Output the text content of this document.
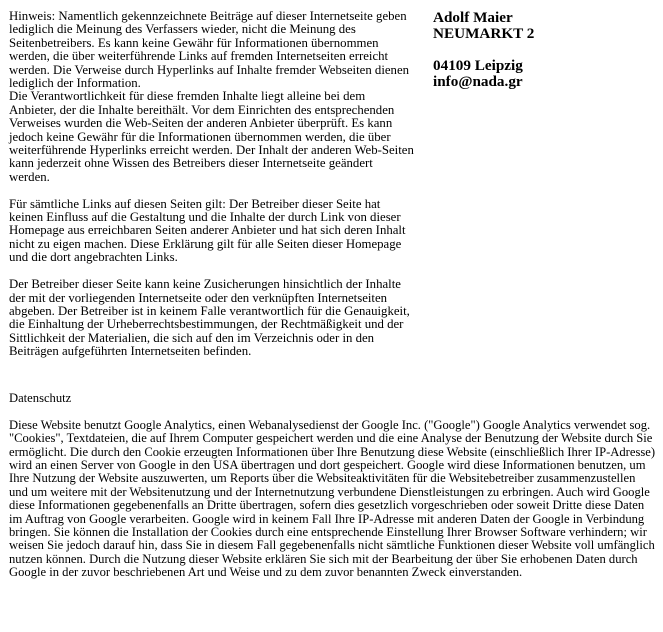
Hinweis: Namentlich gekennzeichnete Beiträge auf dieser Internetseite geben lediglich die Meinung des Verfassers wieder, nicht die Meinung des Seitenbetreibers. Es kann keine Gewähr für Informationen übernommen werden, die über weiterführende Links auf fremden Internetseiten erreicht werden. Die Verweise durch Hyperlinks auf Inhalte fremder Webseiten dienen lediglich der Information.

Die Verantwortlichkeit für diese fremden Inhalte liegt alleine bei dem Anbieter, der die Inhalte bereithält. Vor dem Einrichten des entsprechenden Verweises wurden die Web-Seiten der anderen Anbieter überprüft. Es kann jedoch keine Gewähr für die Informationen übernommen werden, die über weiterführende Hyperlinks erreicht werden. Der Inhalt der anderen Web-Seiten kann jederzeit ohne Wissen des Betreibers dieser Internetseite geändert werden.

Für sämtliche Links auf diesen Seiten gilt: Der Betreiber dieser Seite hat keinen Einfluss auf die Gestaltung und die Inhalte der durch Link von dieser Homepage aus erreichbaren Seiten anderer Anbieter und hat sich deren Inhalt nicht zu eigen machen. Diese Erklärung gilt für alle Seiten dieser Homepage und die dort angebrachten Links.

Der Betreiber dieser Seite kann keine Zusicherungen hinsichtlich der Inhalte der mit der vorliegenden Internetseite oder den verknüpften Internetseiten abgeben. Der Betreiber ist in keinem Falle verantwortlich für die Genauigkeit, die Einhaltung der Urheberrechtsbestimmungen, der Rechtmäßigkeit und der Sittlichkeit der Materialien, die sich auf den im Verzeichnis oder in den Beiträgen aufgeführten Internetseiten befinden.

Adolf Maier
NEUMARKT 2
04109 Leipzig
info@nada.gr

Datenschutz

Diese Website benutzt Google Analytics, einen Webanalysedienst der Google Inc. ("Google") Google Analytics verwendet sog. "Cookies", Textdateien, die auf Ihrem Computer gespeichert werden und die eine Analyse der Benutzung der Website durch Sie ermöglicht. Die durch den Cookie erzeugten Informationen über Ihre Benutzung diese Website (einschließlich Ihrer IP-Adresse) wird an einen Server von Google in den USA übertragen und dort gespeichert. Google wird diese Informationen benutzen, um Ihre Nutzung der Website auszuwerten, um Reports über die Websiteaktivitäten für die Websitebetreiber zusammenzustellen und um weitere mit der Websitenutzung und der Internetnutzung verbundene Dienstleistungen zu erbringen. Auch wird Google diese Informationen gegebenenfalls an Dritte übertragen, sofern dies gesetzlich vorgeschrieben oder soweit Dritte diese Daten im Auftrag von Google verarbeiten. Google wird in keinem Fall Ihre IP-Adresse mit anderen Daten der Google in Verbindung bringen. Sie können die Installation der Cookies durch eine entsprechende Einstellung Ihrer Browser Software verhindern; wir weisen Sie jedoch darauf hin, dass Sie in diesem Fall gegebenenfalls nicht sämtliche Funktionen dieser Website voll umfänglich nutzen können. Durch die Nutzung dieser Website erklären Sie sich mit der Bearbeitung der über Sie erhobenen Daten durch Google in der zuvor beschriebenen Art und Weise und zu dem zuvor benannten Zweck einverstanden.
